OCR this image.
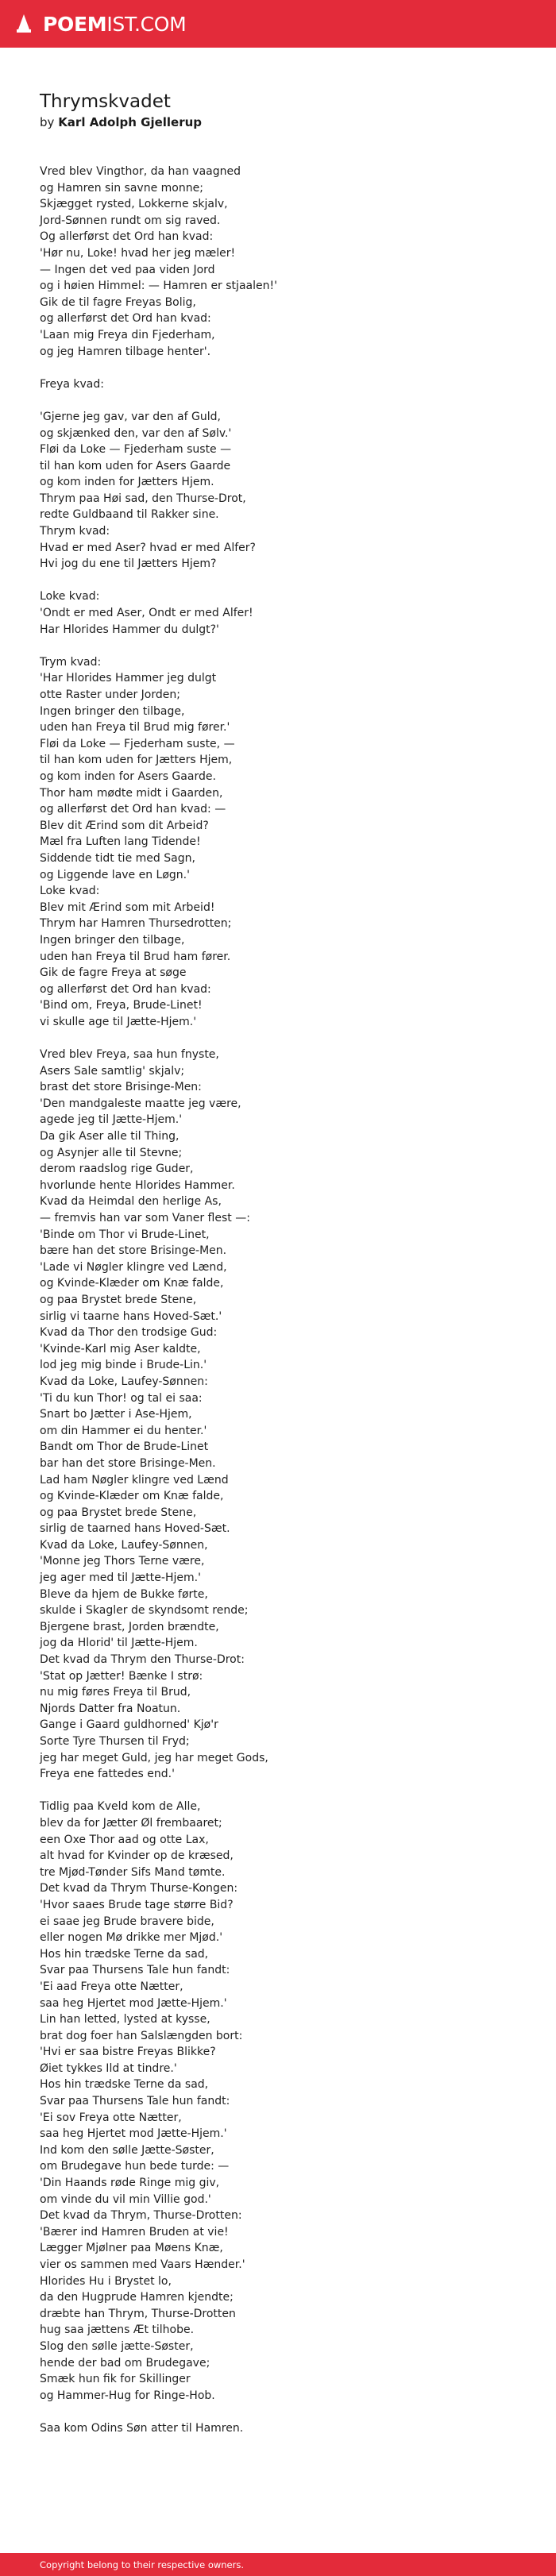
POEMIST.COM
Thrymskvadet
by Karl Adolph Gjellerup
Vred blev Vingthor, da han vaagned
og Hamren sin savne monne;
Skjægget rysted, Lokkerne skjalv,
Jord-Sønnen rundt om sig raved.
Og allerførst det Ord han kvad:
'Hør nu, Loke! hvad her jeg mæler!
— Ingen det ved paa viden Jord
og i høien Himmel: — Hamren er stjaalen!'
Gik de til fagre Freyas Bolig,
og allerførst det Ord han kvad:
'Laan mig Freya din Fjederham,
og jeg Hamren tilbage henter'.
Freya kvad:
'Gjerne jeg gav, var den af Guld,
og skjænked den, var den af Sølv.'
Fløi da Loke — Fjederham suste —
til han kom uden for Asers Gaarde
og kom inden for Jætters Hjem.
Thrym paa Høi sad, den Thurse-Drot,
redte Guldbaand til Rakker sine.
Thrym kvad:
Hvad er med Aser? hvad er med Alfer?
Hvi jog du ene til Jætters Hjem?
Loke kvad:
'Ondt er med Aser, Ondt er med Alfer!
Har Hlorides Hammer du dulgt?'
Trym kvad:
'Har Hlorides Hammer jeg dulgt
otte Raster under Jorden;
Ingen bringer den tilbage,
uden han Freya til Brud mig fører.'
Fløi da Loke — Fjederham suste, —
til han kom uden for Jætters Hjem,
og kom inden for Asers Gaarde.
Thor ham mødte midt i Gaarden,
og allerførst det Ord han kvad: —
Blev dit Ærind som dit Arbeid?
Mæl fra Luften lang Tidende!
Siddende tidt tie med Sagn,
og Liggende lave en Løgn.'
Loke kvad:
Blev mit Ærind som mit Arbeid!
Thrym har Hamren Thursedrotten;
Ingen bringer den tilbage,
uden han Freya til Brud ham fører.
Gik de fagre Freya at søge
og allerførst det Ord han kvad:
'Bind om, Freya, Brude-Linet!
vi skulle age til Jætte-Hjem.'
Vred blev Freya, saa hun fnyste,
Asers Sale samtlig' skjalv;
brast det store Brisinge-Men:
'Den mandgaleste maatte jeg være,
agede jeg til Jætte-Hjem.'
Da gik Aser alle til Thing,
og Asynjer alle til Stevne;
derom raadslog rige Guder,
hvorlunde hente Hlorides Hammer.
Kvad da Heimdal den herlige As,
— fremvis han var som Vaner flest —:
'Binde om Thor vi Brude-Linet,
bære han det store Brisinge-Men.
'Lade vi Nøgler klingre ved Lænd,
og Kvinde-Klæder om Knæ falde,
og paa Brystet brede Stene,
sirlig vi taarne hans Hoved-Sæt.'
Kvad da Thor den trodsige Gud:
'Kvinde-Karl mig Aser kaldte,
lod jeg mig binde i Brude-Lin.'
Kvad da Loke, Laufey-Sønnen:
'Ti du kun Thor! og tal ei saa:
Snart bo Jætter i Ase-Hjem,
om din Hammer ei du henter.'
Bandt om Thor de Brude-Linet
bar han det store Brisinge-Men.
Lad ham Nøgler klingre ved Lænd
og Kvinde-Klæder om Knæ falde,
og paa Brystet brede Stene,
sirlig de taarned hans Hoved-Sæt.
Kvad da Loke, Laufey-Sønnen,
'Monne jeg Thors Terne være,
jeg ager med til Jætte-Hjem.'
Bleve da hjem de Bukke førte,
skulde i Skagler de skyndsomt rende;
Bjergene brast, Jorden brændte,
jog da Hlorid' til Jætte-Hjem.
Det kvad da Thrym den Thurse-Drot:
'Stat op Jætter! Bænke I strø:
nu mig føres Freya til Brud,
Njords Datter fra Noatun.
Gange i Gaard guldhorned' Kjø'r
Sorte Tyre Thursen til Fryd;
jeg har meget Guld, jeg har meget Gods,
Freya ene fattedes end.'
Tidlig paa Kveld kom de Alle,
blev da for Jætter Øl frembaaret;
een Oxe Thor aad og otte Lax,
alt hvad for Kvinder op de kræsed,
tre Mjød-Tønder Sifs Mand tømte.
Det kvad da Thrym Thurse-Kongen:
'Hvor saaes Brude tage større Bid?
ei saae jeg Brude bravere bide,
eller nogen Mø drikke mer Mjød.'
Hos hin trædske Terne da sad,
Svar paa Thursens Tale hun fandt:
'Ei aad Freya otte Nætter,
saa heg Hjertet mod Jætte-Hjem.'
Lin han letted, lysted at kysse,
brat dog foer han Salslængden bort:
'Hvi er saa bistre Freyas Blikke?
Øiet tykkes Ild at tindre.'
Hos hin trædske Terne da sad,
Svar paa Thursens Tale hun fandt:
'Ei sov Freya otte Nætter,
saa heg Hjertet mod Jætte-Hjem.'
Ind kom den sølle Jætte-Søster,
om Brudegave hun bede turde: —
'Din Haands røde Ringe mig giv,
om vinde du vil min Villie god.'
Det kvad da Thrym, Thurse-Drotten:
'Bærer ind Hamren Bruden at vie!
Lægger Mjølner paa Møens Knæ,
vier os sammen med Vaars Hænder.'
Hlorides Hu i Brystet lo,
da den Hugprude Hamren kjendte;
dræbte han Thrym, Thurse-Drotten
hug saa jættens Æt tilhobe.
Slog den sølle jætte-Søster,
hende der bad om Brudegave;
Smæk hun fik for Skillinger
og Hammer-Hug for Ringe-Hob.
Saa kom Odins Søn atter til Hamren.
Copyright belong to their respective owners.
